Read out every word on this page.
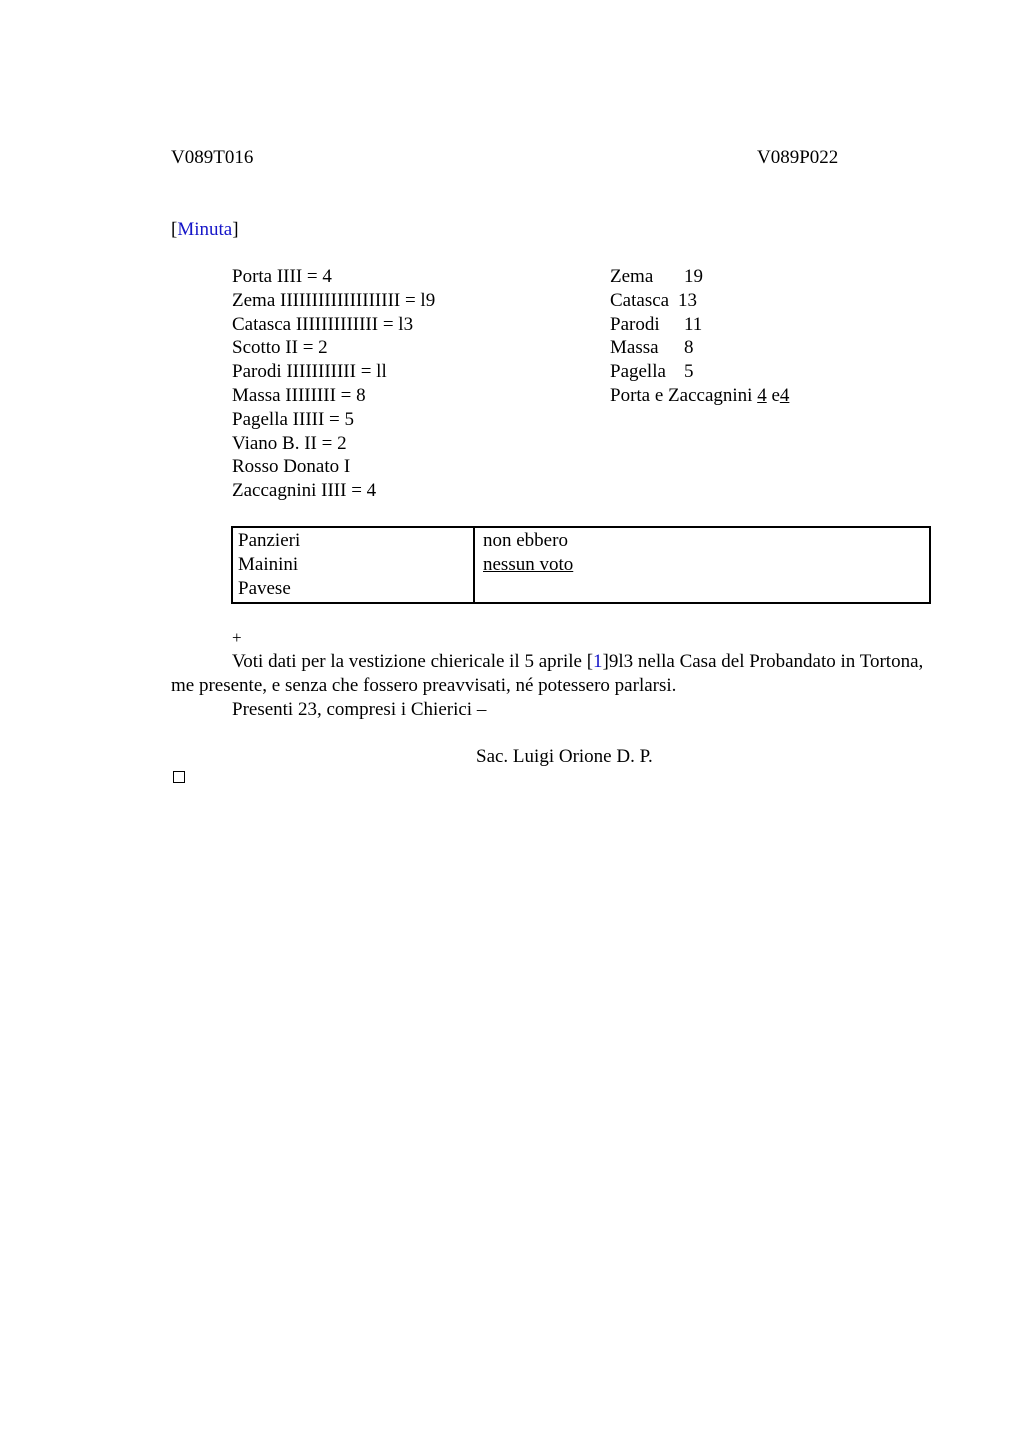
V089T016	V089P022
[Minuta]
Porta IIII = 4
Zema IIIIIIIIIIIIIIIIIII = l9
Catasca IIIIIIIIIIIII = l3
Scotto II = 2
Parodi IIIIIIIIIII = ll
Massa IIIIIIII = 8
Pagella IIIII = 5
Viano B. II = 2
Rosso Donato I
Zaccagnini IIII = 4
Zema 19
Catasca 13
Parodi 11

Massa 8
Pagella 5
Porta e Zaccagnini 4 e4
Panzieri
Mainini
Pavese
non ebbero
nessun voto
+
Voti dati per la vestizione chiericale il 5 aprile [1]9l3 nella Casa del Probandato in Tortona, me presente, e senza che fossero preavvisati, né potessero parlarsi.
Presenti 23, compresi i Chierici –
Sac. Luigi Orione D. P.
